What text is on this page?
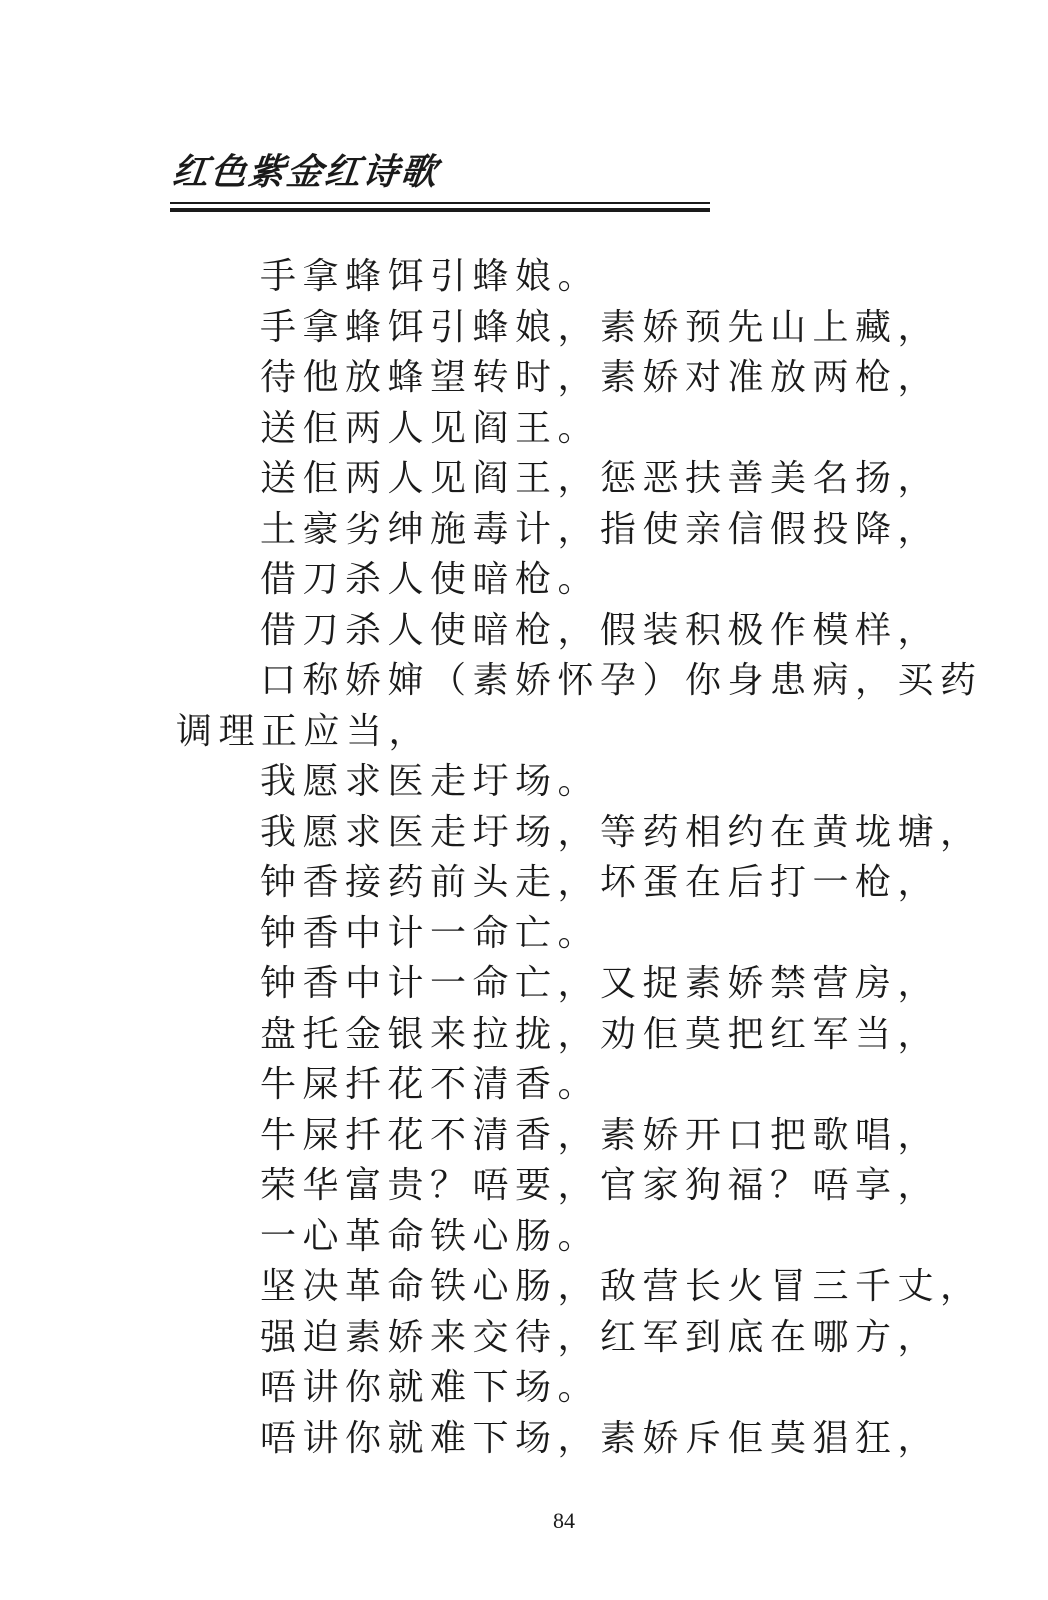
红色紫金红诗歌
手拿蜂饵引蜂娘。
手拿蜂饵引蜂娘，素娇预先山上藏，
待他放蜂望转时，素娇对准放两枪，
送佢两人见阎王。
送佢两人见阎王，惩恶扶善美名扬，
土豪劣绅施毒计，指使亲信假投降，
借刀杀人使暗枪。
借刀杀人使暗枪，假装积极作模样，
口称娇婶（素娇怀孕）你身患病，买药
调理正应当，
我愿求医走圩场。
我愿求医走圩场，等药相约在黄垅塘，
钟香接药前头走，坏蛋在后打一枪，
钟香中计一命亡。
钟香中计一命亡，又捉素娇禁营房，
盘托金银来拉拢，劝佢莫把红军当，
牛屎扦花不清香。
牛屎扦花不清香，素娇开口把歌唱，
荣华富贵？唔要，官家狗福？唔享，
一心革命铁心肠。
坚决革命铁心肠，敌营长火冒三千丈，
强迫素娇来交待，红军到底在哪方，
唔讲你就难下场。
唔讲你就难下场，素娇斥佢莫猖狂，
84
